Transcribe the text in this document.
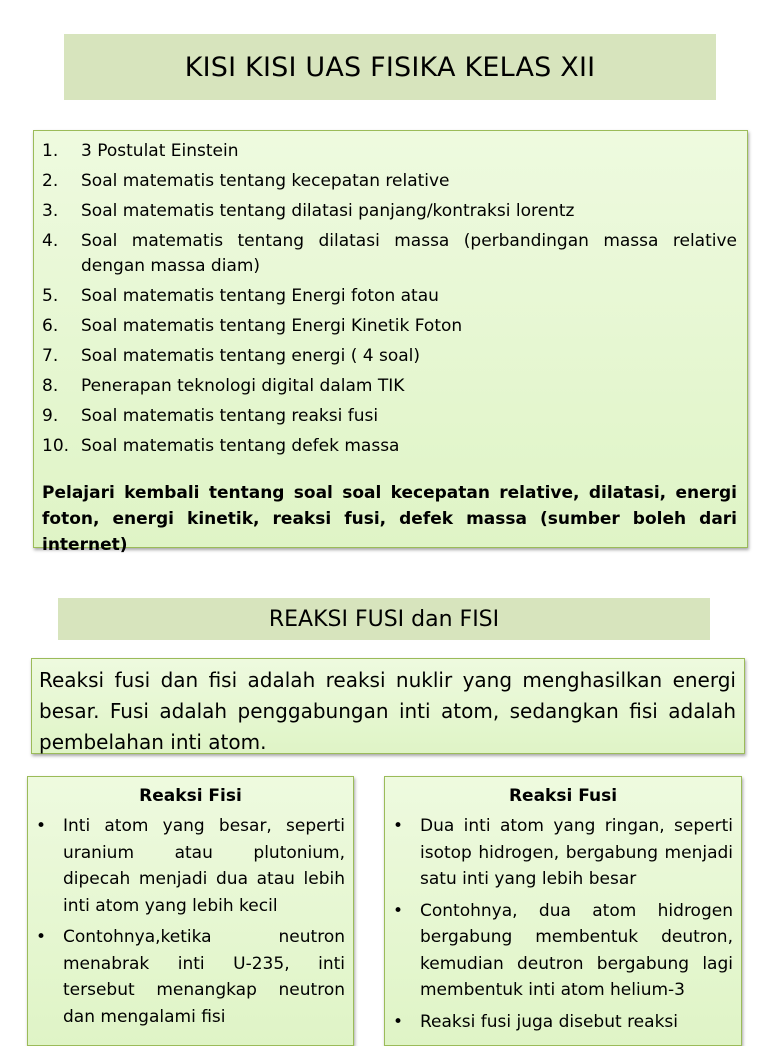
KISI KISI UAS FISIKA KELAS XII
1.	3 Postulat Einstein
2.	Soal matematis tentang kecepatan relative
3.	Soal matematis tentang dilatasi panjang/kontraksi lorentz
4.	Soal matematis tentang dilatasi massa (perbandingan massa relative dengan massa diam)
5.	Soal matematis tentang Energi foton atau
6.	Soal matematis tentang Energi Kinetik Foton
7.	Soal matematis tentang energi ( 4 soal)
8.	Penerapan teknologi digital dalam TIK
9.	Soal matematis tentang reaksi fusi
10. Soal matematis tentang defek massa
Pelajari kembali tentang soal soal kecepatan relative, dilatasi, energi foton, energi kinetik, reaksi fusi, defek massa (sumber boleh dari internet)
REAKSI FUSI dan FISI
Reaksi fusi dan fisi adalah reaksi nuklir yang menghasilkan energi besar. Fusi adalah penggabungan inti atom, sedangkan fisi adalah pembelahan inti atom.
Reaksi Fisi
• Inti atom yang besar, seperti uranium atau plutonium, dipecah menjadi dua atau lebih inti atom yang lebih kecil
• Contohnya,ketika neutron menabrak inti U-235, inti tersebut menangkap neutron dan mengalami fisi
Reaksi Fusi
• Dua inti atom yang ringan, seperti isotop hidrogen, bergabung menjadi satu inti yang lebih besar
• Contohnya, dua atom hidrogen bergabung membentuk deutron, kemudian deutron bergabung lagi membentuk inti atom helium-3
• Reaksi fusi juga disebut reaksi
